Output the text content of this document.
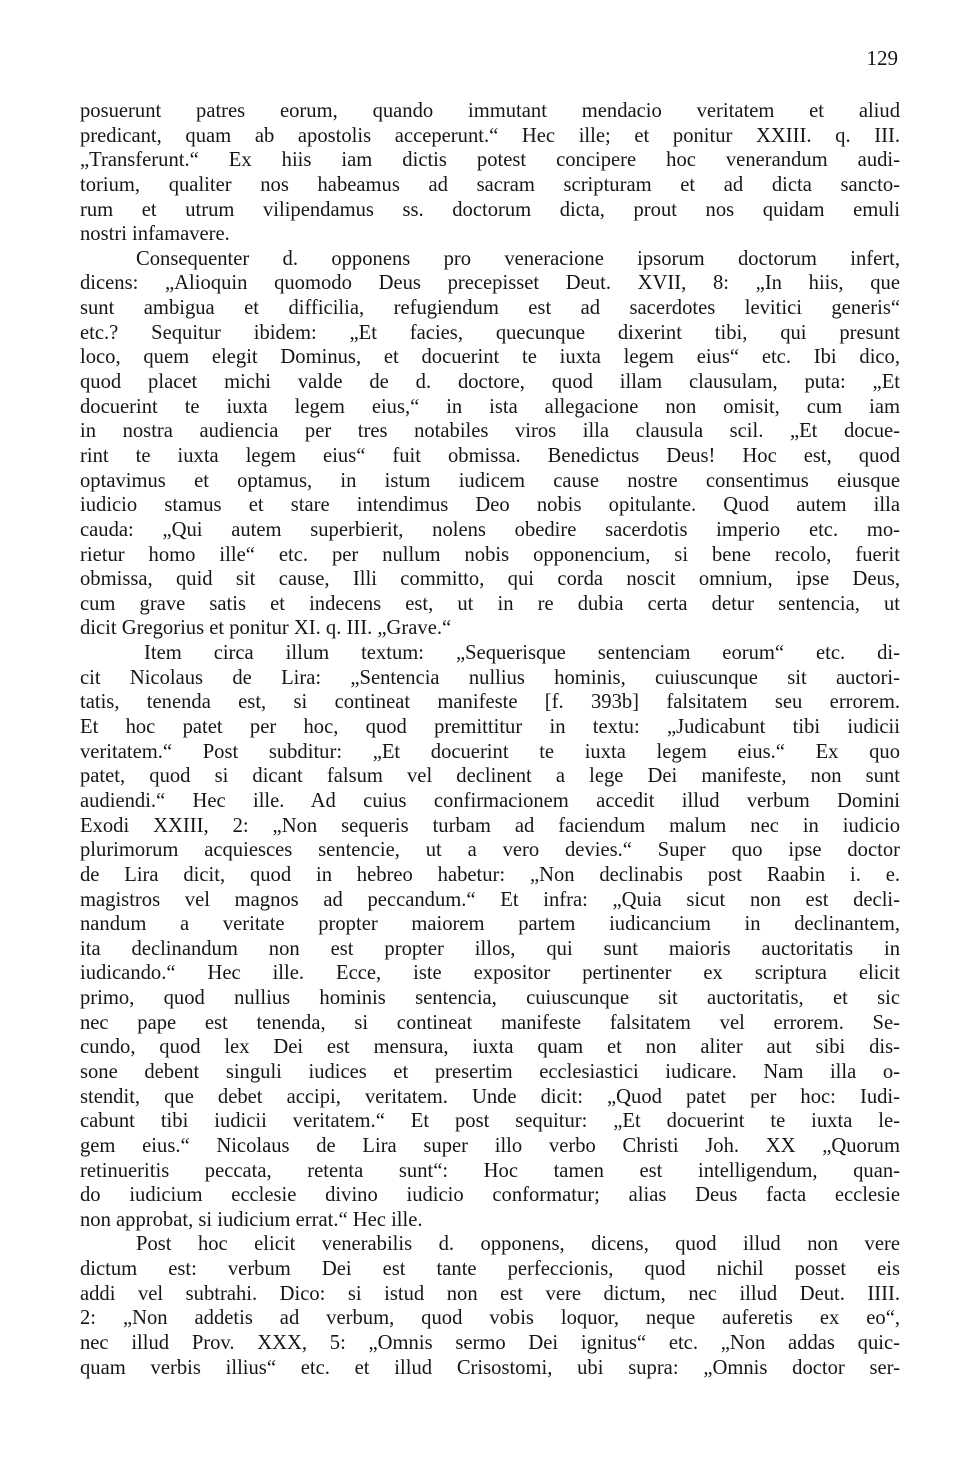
129
posuerunt patres eorum, quando immutant mendacio veritatem et aliud
predicant, quam ab apostolis acceperunt.“ Hec ille; et ponitur XXIII. q. III.
„Transferunt.“ Ex hiis iam dictis potest concipere hoc venerandum audi-
torium, qualiter nos habeamus ad sacram scripturam et ad dicta sancto-
rum et utrum vilipendamus ss. doctorum dicta, prout nos quidam emuli
nostri infamavere.
Consequenter d. opponens pro veneracione ipsorum doctorum infert,
dicens: „Alioquin quomodo Deus precepisset Deut. XVII, 8: „In hiis, que
sunt ambigua et difficilia, refugiendum est ad sacerdotes levitici generis“
etc.? Sequitur ibidem: „Et facies, quecunque dixerint tibi, qui presunt
loco, quem elegit Dominus, et docuerint te iuxta legem eius“ etc. Ibi dico,
quod placet michi valde de d. doctore, quod illam clausulam, puta: „Et
docuerint te iuxta legem eius,“ in ista allegacione non omisit, cum iam
in nostra audiencia per tres notabiles viros illa clausula scil. „Et docue-
rint te iuxta legem eius“ fuit obmissa. Benedictus Deus! Hoc est, quod
optavimus et optamus, in istum iudicem cause nostre consentimus eiusque
iudicio stamus et stare intendimus Deo nobis opitulante. Quod autem illa
cauda: „Qui autem superbierit, nolens obedire sacerdotis imperio etc. mo-
rietur homo ille“ etc. per nullum nobis opponencium, si bene recolo, fuerit
obmissa, quid sit cause, Illi committo, qui corda noscit omnium, ipse Deus,
cum grave satis et indecens est, ut in re dubia certa detur sentencia, ut
dicit Gregorius et ponitur XI. q. III. „Grave.“
Item circa illum textum: „Sequerisque sentenciam eorum“ etc. di-
cit Nicolaus de Lira: „Sentencia nullius hominis, cuiuscunque sit auctori-
tatis, tenenda est, si contineat manifeste [f. 393b] falsitatem seu errorem.
Et hoc patet per hoc, quod premittitur in textu: „Judicabunt tibi iudicii
veritatem.“ Post subditur: „Et docuerint te iuxta legem eius.“ Ex quo
patet, quod si dicant falsum vel declinent a lege Dei manifeste, non sunt
audiendi.“ Hec ille. Ad cuius confirmacionem accedit illud verbum Domini
Exodi XXIII, 2: „Non sequeris turbam ad faciendum malum nec in iudicio
plurimorum acquiesces sentencie, ut a vero devies.“ Super quo ipse doctor
de Lira dicit, quod in hebreo habetur: „Non declinabis post Raabin i. e.
magistros vel magnos ad peccandum.“ Et infra: „Quia sicut non est decli-
nandum a veritate propter maiorem partem iudicancium in declinantem,
ita declinandum non est propter illos, qui sunt maioris auctoritatis in
iudicando.“ Hec ille. Ecce, iste expositor pertinenter ex scriptura elicit
primo, quod nullius hominis sentencia, cuiuscunque sit auctoritatis, et sic
nec pape est tenenda, si contineat manifeste falsitatem vel errorem. Se-
cundo, quod lex Dei est mensura, iuxta quam et non aliter aut sibi dis-
sone debent singuli iudices et presertim ecclesiastici iudicare. Nam illa o-
stendit, que debet accipi, veritatem. Unde dicit: „Quod patet per hoc: Iudi-
cabunt tibi iudicii veritatem.“ Et post sequitur: „Et docuerint te iuxta le-
gem eius.“ Nicolaus de Lira super illo verbo Christi Joh. XX „Quorum
retinueritis peccata, retenta sunt“: Hoc tamen est intelligendum, quan-
do iudicium ecclesie divino iudicio conformatur; alias Deus facta ecclesie
non approbat, si iudicium errat.“ Hec ille.
Post hoc elicit venerabilis d. opponens, dicens, quod illud non vere
dictum est: verbum Dei est tante perfeccionis, quod nichil posset eis
addi vel subtrahi. Dico: si istud non est vere dictum, nec illud Deut. IIII.
2: „Non addetis ad verbum, quod vobis loquor, neque auferetis ex eo“,
nec illud Prov. XXX, 5: „Omnis sermo Dei ignitus“ etc. „Non addas quic-
quam verbis illius“ etc. et illud Crisostomi, ubi supra: „Omnis doctor ser-
